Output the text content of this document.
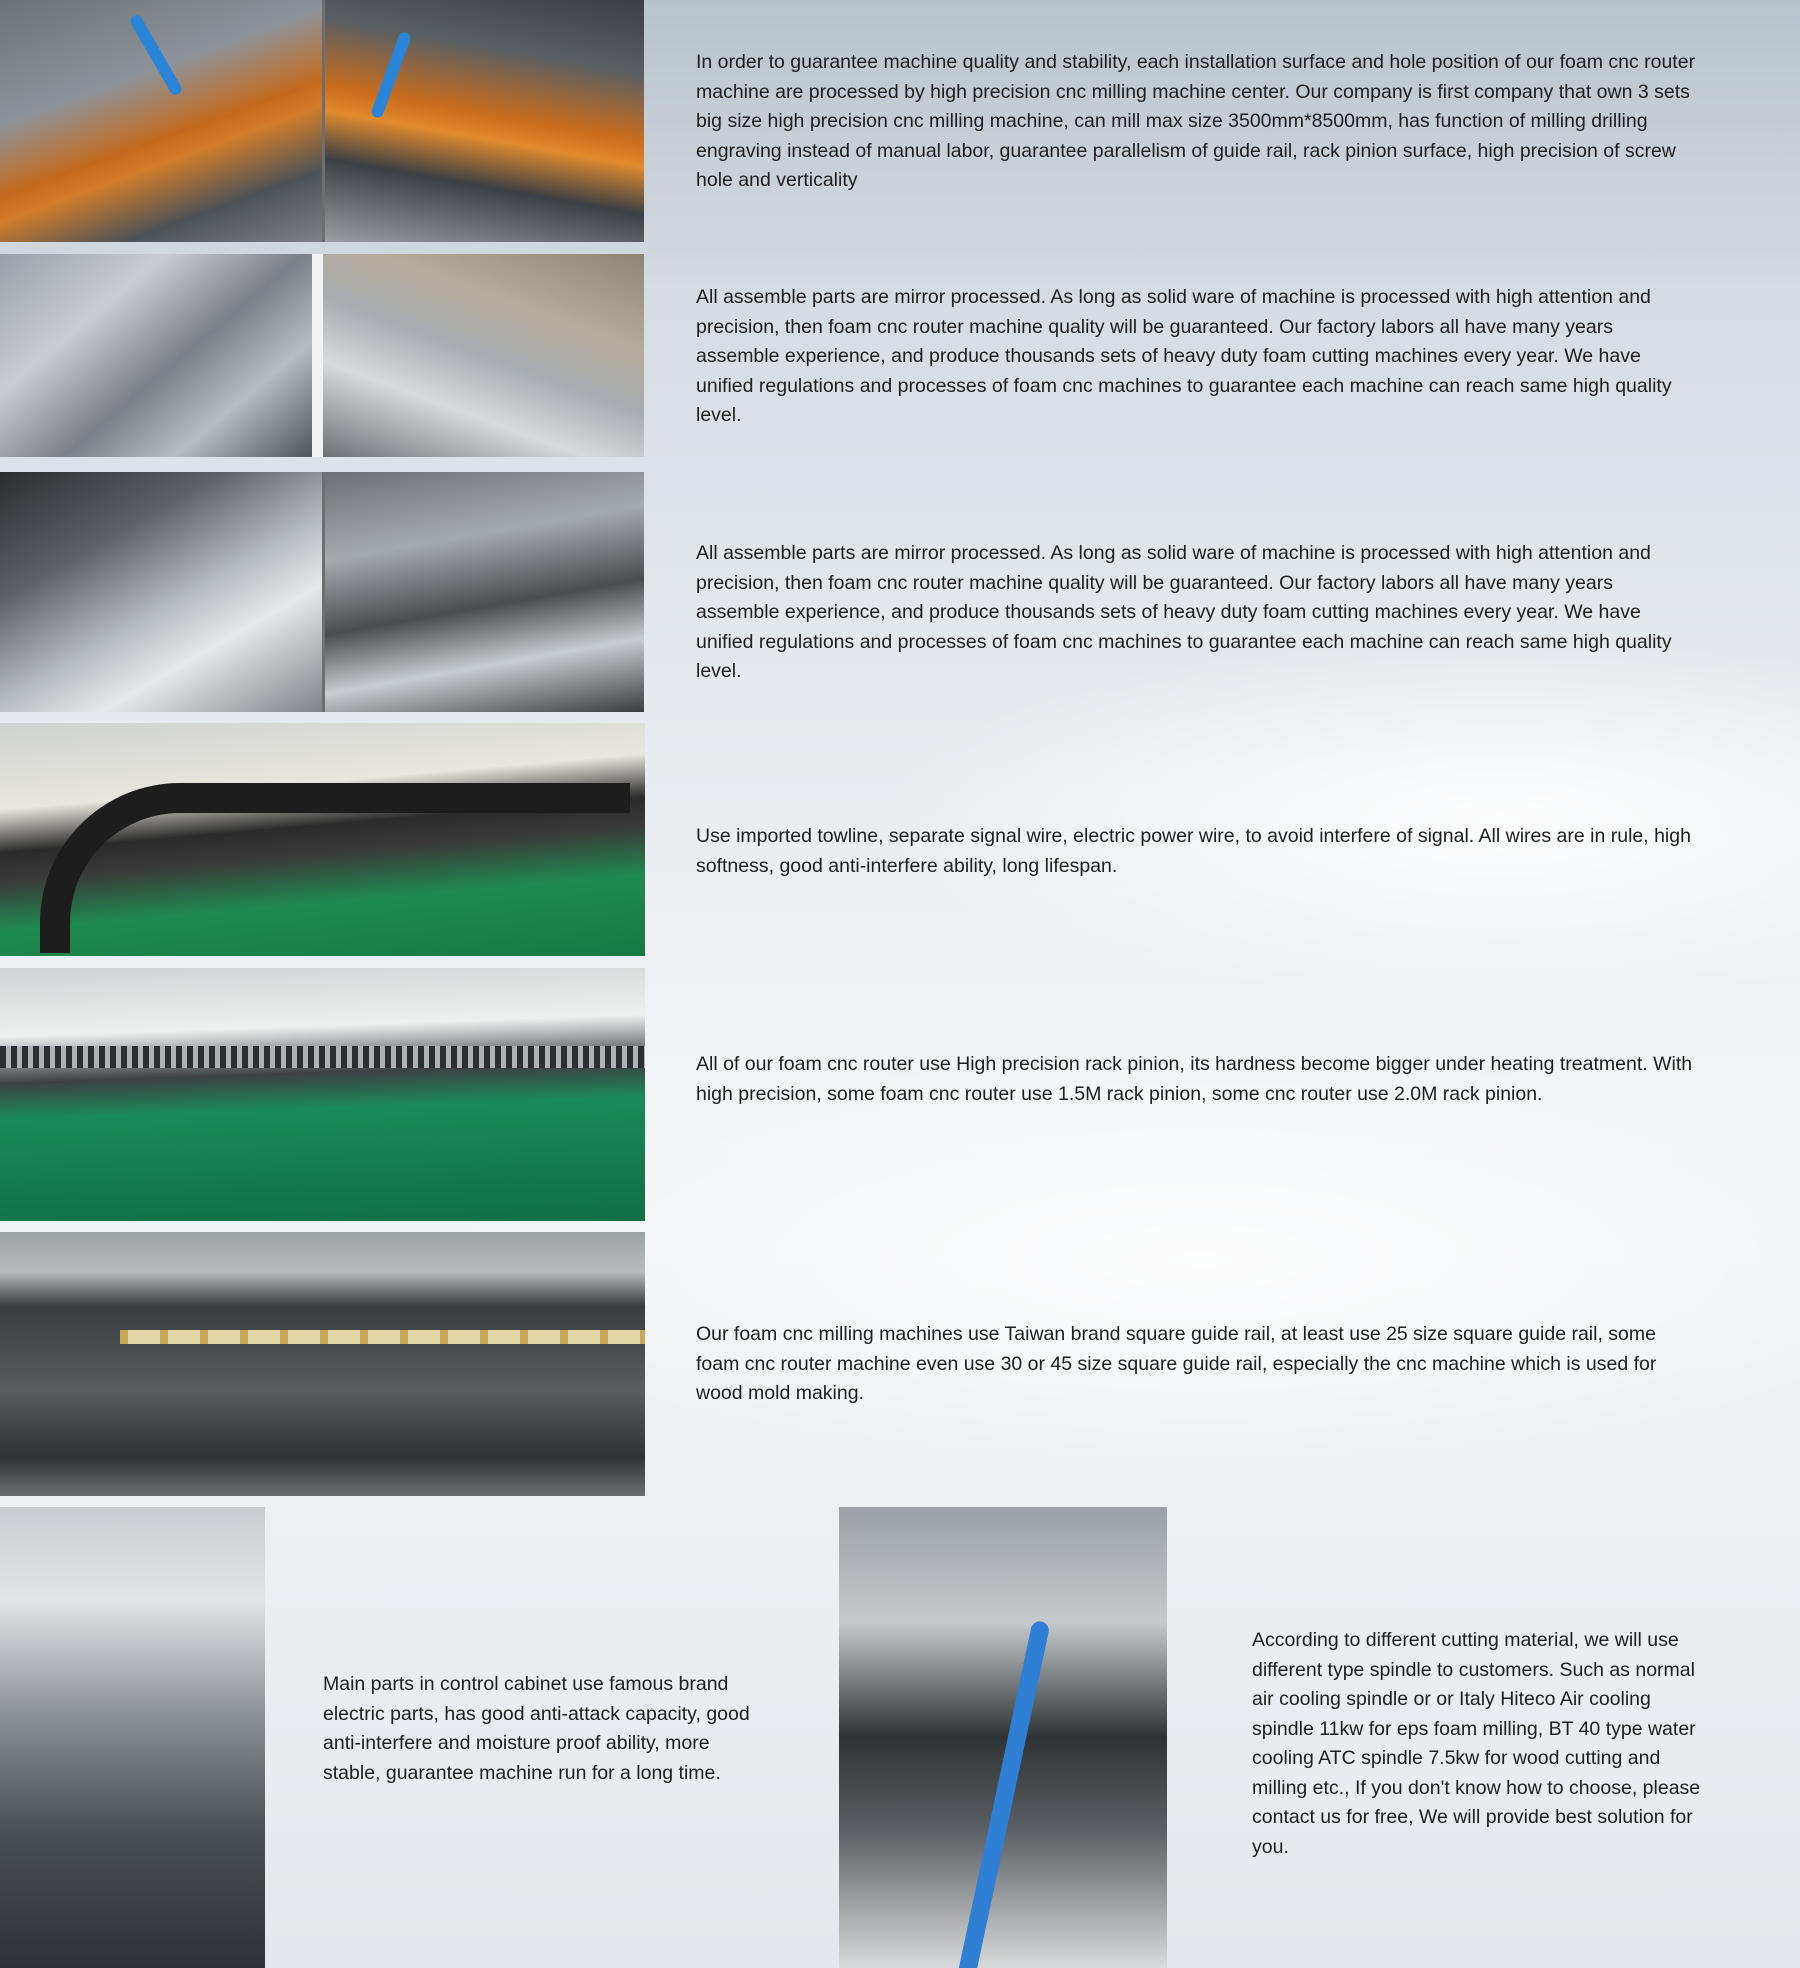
In order to guarantee machine quality and stability, each installation surface and hole position of our foam cnc router machine are processed by high precision cnc milling machine center. Our company is first company that own 3 sets big size high precision cnc milling machine, can mill max size 3500mm*8500mm, has function of milling drilling engraving instead of manual labor, guarantee parallelism of guide rail, rack pinion surface, high precision of screw hole and verticality

All assemble parts are mirror processed. As long as solid ware of machine is processed with high attention and precision, then foam cnc router machine quality will be guaranteed. Our factory labors all have many years assemble experience, and produce thousands sets of heavy duty foam cutting machines every year. We have unified regulations and processes of foam cnc machines to guarantee each machine can reach same high quality level.

All assemble parts are mirror processed. As long as solid ware of machine is processed with high attention and precision, then foam cnc router machine quality will be guaranteed. Our factory labors all have many years assemble experience, and produce thousands sets of heavy duty foam cutting machines every year. We have unified regulations and processes of foam cnc machines to guarantee each machine can reach same high quality level.

Use imported towline, separate signal wire, electric power wire, to avoid interfere of signal. All wires are in rule, high softness, good anti-interfere ability, long lifespan.

All of our foam cnc router use High precision rack pinion, its hardness become bigger under heating treatment. With high precision, some foam cnc router use 1.5M rack pinion, some cnc router use 2.0M rack pinion.

Our foam cnc milling machines use Taiwan brand square guide rail, at least use 25 size square guide rail, some foam cnc router machine even use 30 or 45 size square guide rail, especially the cnc machine which is used for wood mold making.

Main parts in control cabinet use famous brand electric parts, has good anti-attack capacity, good anti-interfere and moisture proof ability, more stable, guarantee machine run for a long time.

According to different cutting material, we will use different type spindle to customers. Such as normal air cooling spindle or or Italy Hiteco Air cooling spindle 11kw for eps foam milling, BT 40 type water cooling ATC spindle 7.5kw for wood cutting and milling etc., If you don't know how to choose, please contact us for free, We will provide best solution for you.
